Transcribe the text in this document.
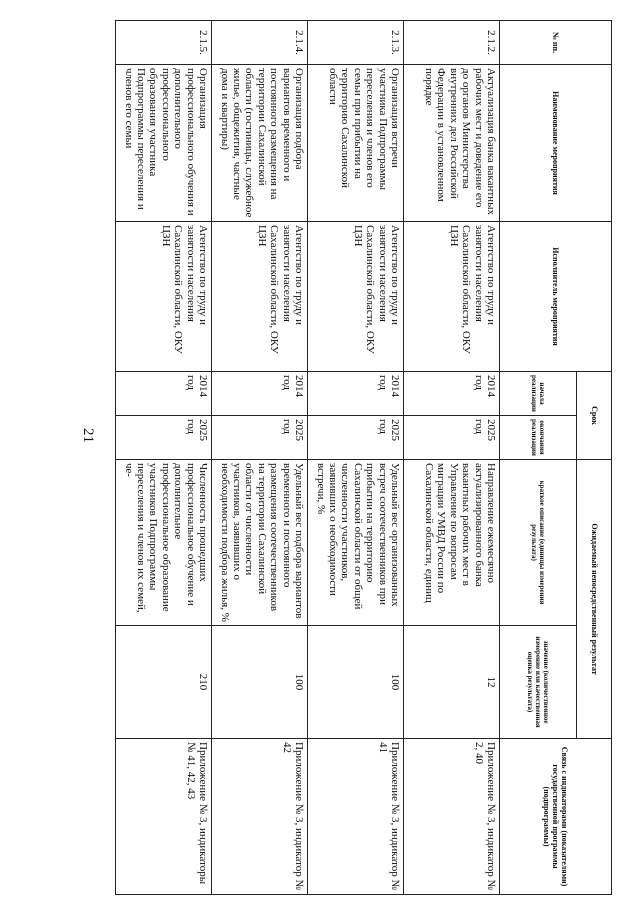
21
№ пп.	Наименование мероприятия	Исполнитель мероприятия	Срок		Ожидаемый непосредственный результат		Связь с индикаторами (показателями) государственной программы (подпрограммы)
			начала реализации	окончания реализации	краткое описание (единицы измерения результата)	значение (количественное измерение или качественная оценка результата)	
2.1.2.	Актуализация банка вакантных рабочих мест и доведение его до органов Министерства внутренних дел Российской Федерации в установленном порядке	Агентство по труду и занятости населения Сахалинской области, ОКУ ЦЗН	2014 год	2025 год	Направление ежемесячно актуализированного банка вакантных рабочих мест в Управление по вопросам миграции УМВД России по Сахалинской области, единиц	12	Приложение № 3, индикатор № 2, 40
2.1.3.	Организация встречи участника Подпрограммы переселения и членов его семьи при прибытии на территорию Сахалинской области	Агентство по труду и занятости населения Сахалинской области, ОКУ ЦЗН	2014 год	2025 год	Удельный вес организованных встреч соотечественников при прибытии на территорию Сахалинской области от общей численности участников, заявивших о необходимости встречи, %	100	Приложение № 3, индикатор № 41
2.1.4.	Организация подбора вариантов временного и постоянного размещения на территории Сахалинской области (гостиницы, служебное жилье, общежития, частные дома и квартиры)	Агентство по труду и занятости населения Сахалинской области, ОКУ ЦЗН	2014 год	2025 год	Удельный вес подбора вариантов временного и постоянного размещения соотечественников на территории Сахалинской области от численности участников, заявивших о необходимости подбора жилья, %	100	Приложение № 3, индикатор № 42
2.1.5.	Организация профессионального обучения и дополнительного профессионального образования участника Подпрограммы переселения и членов его семьи	Агентство по труду и занятости населения Сахалинской области, ОКУ ЦЗН	2014 год	2025 год	Численность прошедших профессиональное обучение и дополнительное профессиональное образование участников Подпрограммы переселения и членов их семей, че-	210	Приложение № 3, индикаторы № 41, 42, 43
